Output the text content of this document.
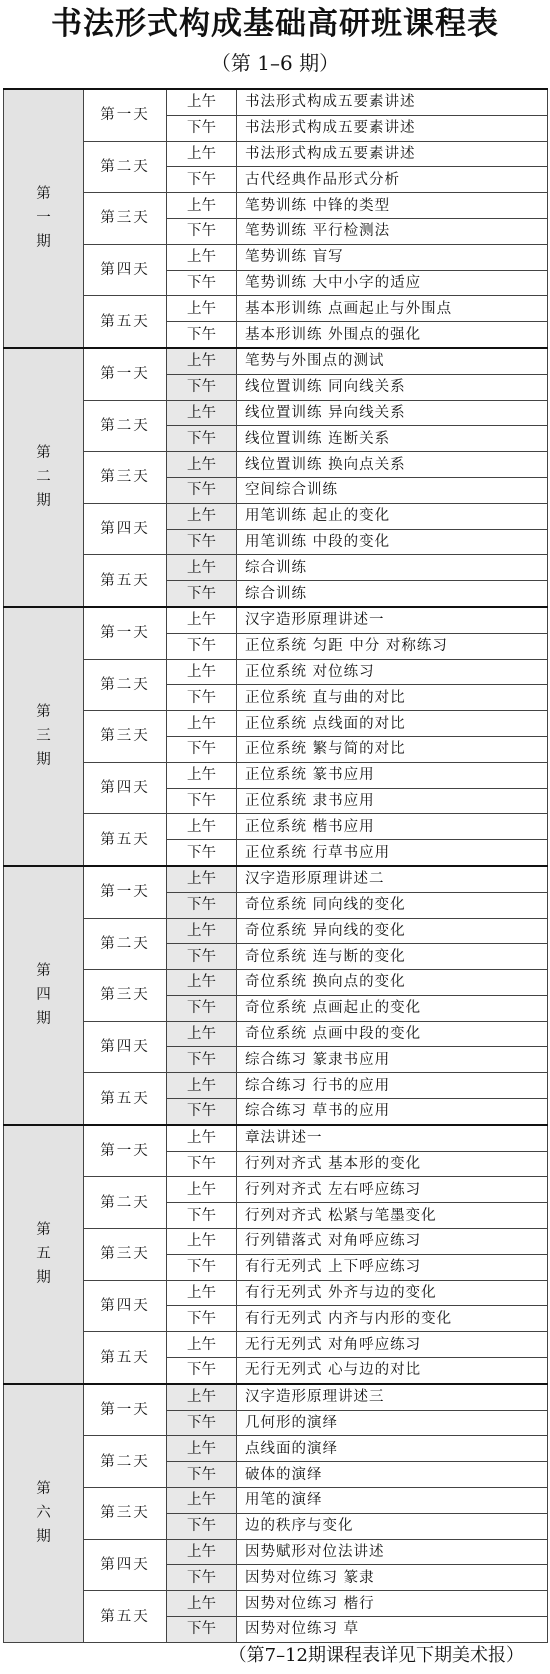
书法形式构成基础高研班课程表
（第 1–6 期）
第一期	第一天	上午	书法形式构成五要素讲述
		下午	书法形式构成五要素讲述
	第二天	上午	书法形式构成五要素讲述
		下午	古代经典作品形式分析
	第三天	上午	笔势训练 中锋的类型
		下午	笔势训练 平行检测法
	第四天	上午	笔势训练 盲写
		下午	笔势训练 大中小字的适应
	第五天	上午	基本形训练 点画起止与外围点
		下午	基本形训练 外围点的强化
第二期	第一天	上午	笔势与外围点的测试
		下午	线位置训练 同向线关系
	第二天	上午	线位置训练 异向线关系
		下午	线位置训练 连断关系
	第三天	上午	线位置训练 换向点关系
		下午	空间综合训练
	第四天	上午	用笔训练 起止的变化
		下午	用笔训练 中段的变化
	第五天	上午	综合训练
		下午	综合训练
第三期	第一天	上午	汉字造形原理讲述一
		下午	正位系统 匀距 中分 对称练习
	第二天	上午	正位系统 对位练习
		下午	正位系统 直与曲的对比
	第三天	上午	正位系统 点线面的对比
		下午	正位系统 繁与简的对比
	第四天	上午	正位系统 篆书应用
		下午	正位系统 隶书应用
	第五天	上午	正位系统 楷书应用
		下午	正位系统 行草书应用
第四期	第一天	上午	汉字造形原理讲述二
		下午	奇位系统 同向线的变化
	第二天	上午	奇位系统 异向线的变化
		下午	奇位系统 连与断的变化
	第三天	上午	奇位系统 换向点的变化
		下午	奇位系统 点画起止的变化
	第四天	上午	奇位系统 点画中段的变化
		下午	综合练习 篆隶书应用
	第五天	上午	综合练习 行书的应用
		下午	综合练习 草书的应用
第五期	第一天	上午	章法讲述一
		下午	行列对齐式 基本形的变化
	第二天	上午	行列对齐式 左右呼应练习
		下午	行列对齐式 松紧与笔墨变化
	第三天	上午	行列错落式 对角呼应练习
		下午	有行无列式 上下呼应练习
	第四天	上午	有行无列式 外齐与边的变化
		下午	有行无列式 内齐与内形的变化
	第五天	上午	无行无列式 对角呼应练习
		下午	无行无列式 心与边的对比
第六期	第一天	上午	汉字造形原理讲述三
		下午	几何形的演绎
	第二天	上午	点线面的演绎
		下午	破体的演绎
	第三天	上午	用笔的演绎
		下午	边的秩序与变化
	第四天	上午	因势赋形对位法讲述
		下午	因势对位练习 篆隶
	第五天	上午	因势对位练习 楷行
		下午	因势对位练习 草
（第7–12期课程表详见下期美术报）
